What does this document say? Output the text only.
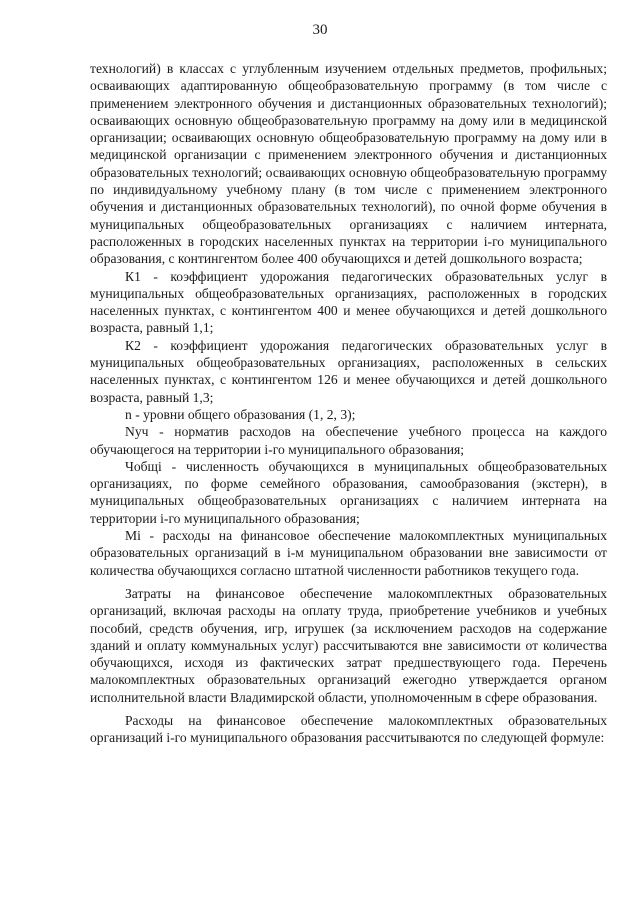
30

технологий) в классах с углубленным изучением отдельных предметов, профильных; осваивающих адаптированную общеобразовательную программу (в том числе с применением электронного обучения и дистанционных образовательных технологий); осваивающих основную общеобразовательную программу на дому или в медицинской организации; осваивающих основную общеобразовательную программу на дому или в медицинской организации с применением электронного обучения и дистанционных образовательных технологий; осваивающих основную общеобразовательную программу по индивидуальному учебному плану (в том числе с применением электронного обучения и дистанционных образовательных технологий), по очной форме обучения в муниципальных общеобразовательных организациях с наличием интерната, расположенных в городских населенных пунктах на территории i-го муниципального образования, с контингентом более 400 обучающихся и детей дошкольного возраста;

К1 - коэффициент удорожания педагогических образовательных услуг в муниципальных общеобразовательных организациях, расположенных в городских населенных пунктах, с контингентом 400 и менее обучающихся и детей дошкольного возраста, равный 1,1;

К2 - коэффициент удорожания педагогических образовательных услуг в муниципальных общеобразовательных организациях, расположенных в сельских населенных пунктах, с контингентом 126 и менее обучающихся и детей дошкольного возраста, равный 1,3;

n - уровни общего образования (1, 2, 3);

Nуч - норматив расходов на обеспечение учебного процесса на каждого обучающегося на территории i-го муниципального образования;

Чобщi - численность обучающихся в муниципальных общеобразовательных организациях, по форме семейного образования, самообразования (экстерн), в муниципальных общеобразовательных организациях с наличием интерната на территории i-го муниципального образования;

Mi - расходы на финансовое обеспечение малокомплектных муниципальных образовательных организаций в i-м муниципальном образовании вне зависимости от количества обучающихся согласно штатной численности работников текущего года.

Затраты на финансовое обеспечение малокомплектных образовательных организаций, включая расходы на оплату труда, приобретение учебников и учебных пособий, средств обучения, игр, игрушек (за исключением расходов на содержание зданий и оплату коммунальных услуг) рассчитываются вне зависимости от количества обучающихся, исходя из фактических затрат предшествующего года. Перечень малокомплектных образовательных организаций ежегодно утверждается органом исполнительной власти Владимирской области, уполномоченным в сфере образования.

Расходы на финансовое обеспечение малокомплектных образовательных организаций i-го муниципального образования рассчитываются по следующей формуле:
